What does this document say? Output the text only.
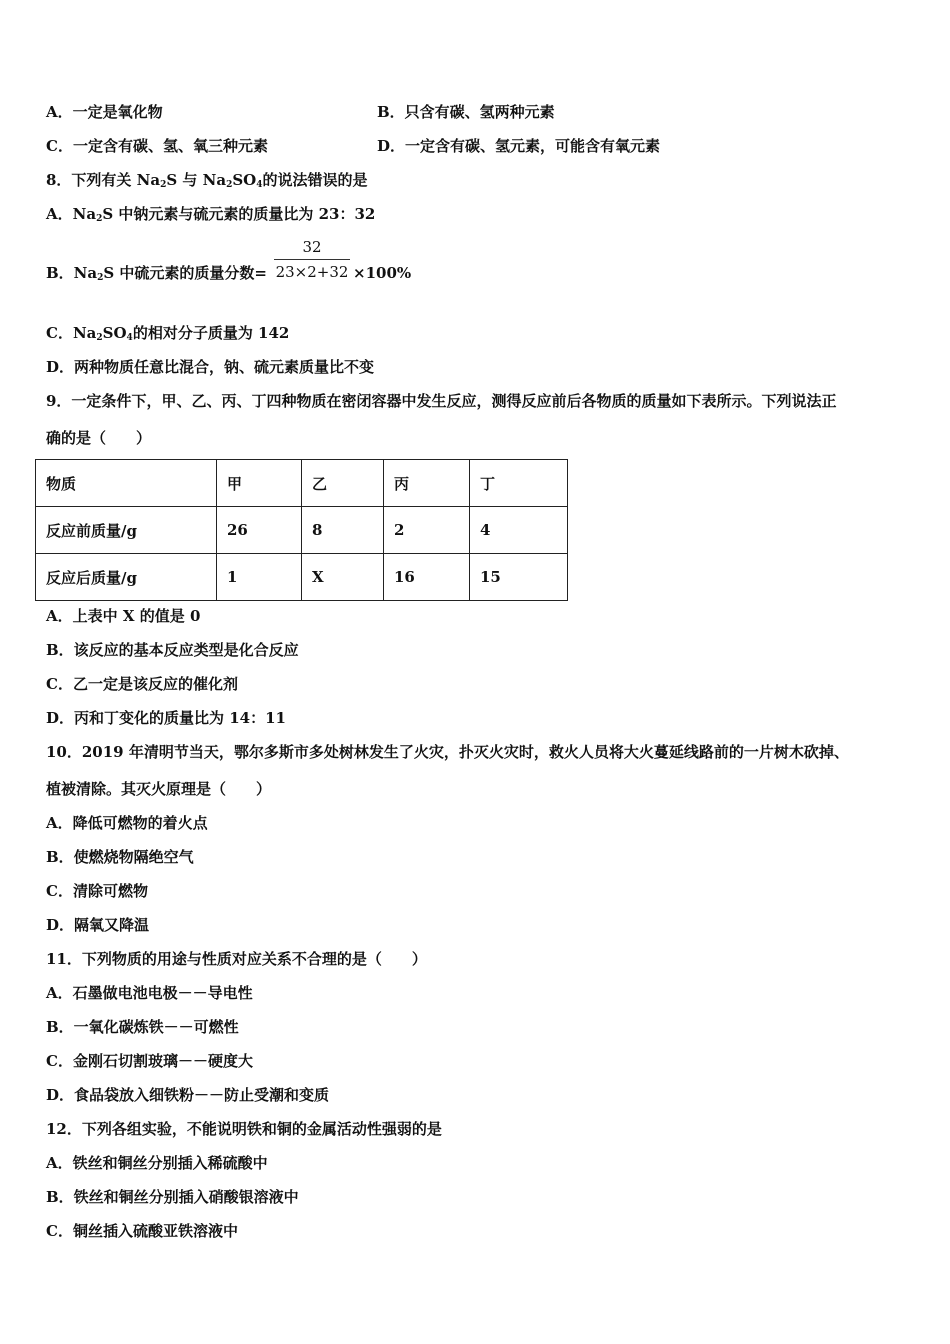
A．一定是氧化物	B．只含有碳、氢两种元素
C．一定含有碳、氢、氧三种元素	D．一定含有碳、氢元素，可能含有氧元素
8．下列有关 $Na_2S$ 与 $Na_2SO_4$的说法错误的是
A．$Na_2S$ 中钠元素与硫元素的质量比为 23：32
B．$Na_2S$ 中硫元素的质量分数= $\frac{32}{23\times 2+32} \times 100\%$
C．$Na_2SO_4$的相对分子质量为 142
D．两种物质任意比混合，钠、硫元素质量比不变
9．一定条件下，甲、乙、丙、丁四种物质在密闭容器中发生反应，测得反应前后各物质的质量如下表所示。下列说法正
确的是（　　）
物质	甲	乙	丙	丁
反应前质量/g	26	8	2	4
反应后质量/g	1	X	16	15
A．上表中 X 的值是 0
B．该反应的基本反应类型是化合反应
C．乙一定是该反应的催化剂
D．丙和丁变化的质量比为 14：11
10．2019 年清明节当天，鄂尔多斯市多处树林发生了火灾，扑灭火灾时，救火人员将大火蔓延线路前的一片树木砍掉、
植被清除。其灭火原理是（　　）
A．降低可燃物的着火点
B．使燃烧物隔绝空气
C．清除可燃物
D．隔氧又降温
11．下列物质的用途与性质对应关系不合理的是（　　）
A．石墨做电池电极－－导电性
B．一氧化碳炼铁－－可燃性
C．金刚石切割玻璃－－硬度大
D．食品袋放入细铁粉－－防止受潮和变质
12．下列各组实验，不能说明铁和铜的金属活动性强弱的是
A．铁丝和铜丝分别插入稀硫酸中
B．铁丝和铜丝分别插入硝酸银溶液中
C．铜丝插入硫酸亚铁溶液中
